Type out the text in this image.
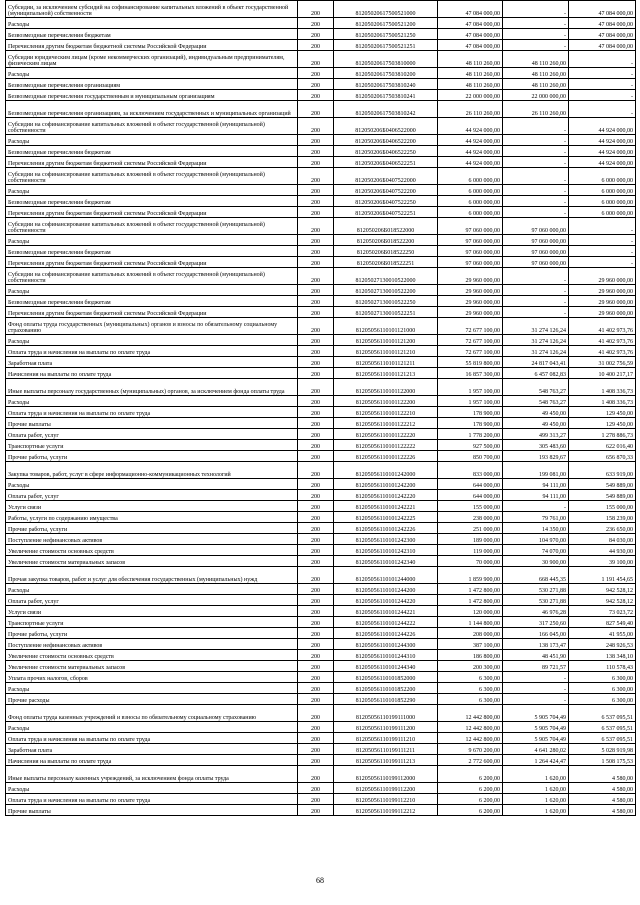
Субсидии, за исключением субсидий на софинансирование капитальных вложений в объект государственной (муниципальной) собственности	200	81205020617500521000	47 084 000,00	-	47 084 000,00
Расходы	200	81205020617500521200	47 084 000,00	-	47 084 000,00
Безвозмездные перечисления бюджетам	200	81205020617500521250	47 084 000,00	-	47 084 000,00
Перечисления другим бюджетам бюджетной системы Российской Федерации	200	81205020617500521251	47 084 000,00	-	47 084 000,00
Субсидии юридическим лицам (кроме некоммерческих организаций), индивидуальным предпринимателям, физическим лицам	200	81205020617503810000	48 110 260,00	48 110 260,00	-
Расходы	200	81205020617503810200	48 110 260,00	48 110 260,00	-
Безвозмездные перечисления организациям	200	81205020617503810240	48 110 260,00	48 110 260,00	-
Безвозмездные перечисления государственным и муниципальным организациям	200	81205020617503810241	22 000 000,00	22 000 000,00	-
Безвозмездные перечисления организациям, за исключением государственных и муниципальных организаций	200	81205020617503810242	26 110 260,00	26 110 260,00	-
Субсидии на софинансирование капитальных вложений в объект государственной (муниципальной) собственности	200	812050206Б0406522000	44 924 000,00	-	44 924 000,00
Расходы	200	812050206Б0406522200	44 924 000,00	-	44 924 000,00
Безвозмездные перечисления бюджетам	200	812050206Б0406522250	44 924 000,00	-	44 924 000,00
Перечисления другим бюджетам бюджетной системы Российской Федерации	200	812050206Б0406522251	44 924 000,00	-	44 924 000,00
Субсидии на софинансирование капитальных вложений в объект государственной (муниципальной) собственности	200	812050206Б0407522000	6 000 000,00	-	6 000 000,00
Расходы	200	812050206Б0407522200	6 000 000,00	-	6 000 000,00
Безвозмездные перечисления бюджетам	200	812050206Б0407522250	6 000 000,00	-	6 000 000,00
Перечисления другим бюджетам бюджетной системы Российской Федерации	200	812050206Б0407522251	6 000 000,00	-	6 000 000,00
Субсидии на софинансирование капитальных вложений в объект государственной (муниципальной) собственности	200	812050206Б018522000	97 060 000,00	97 060 000,00	-
Расходы	200	812050206Б018522200	97 060 000,00	97 060 000,00	-
Безвозмездные перечисления бюджетам	200	812050206Б018522250	97 060 000,00	97 060 000,00	-
Перечисления другим бюджетам бюджетной системы Российской Федерации	200	812050206Б018522251	97 060 000,00	97 060 000,00	-
Субсидии на софинансирование капитальных вложений в объект государственной (муниципальной) собственности	200	81205027130010522000	29 960 000,00	-	29 960 000,00
Расходы	200	81205027130010522200	29 960 000,00	-	29 960 000,00
Безвозмездные перечисления бюджетам	200	81205027130010522250	29 960 000,00	-	29 960 000,00
Перечисления другим бюджетам бюджетной системы Российской Федерации	200	81205027130010522251	29 960 000,00	-	29 960 000,00
Фонд оплаты труда государственных (муниципальных) органов и взносы по обязательному социальному страхованию	200	81205056110101121000	72 677 100,00	31 274 126,24	41 402 973,76
Расходы	200	81205056110101121200	72 677 100,00	31 274 126,24	41 402 973,76
Оплата труда и начисления на выплаты по оплате труда	200	81205056110101121210	72 677 100,00	31 274 126,24	41 402 973,76
Заработная плата	200	81205056110101121211	55 819 800,00	24 817 043,41	31 002 756,59
Начисления на выплаты по оплате труда	200	81205056110101121213	16 857 300,00	6 457 082,83	10 400 217,17
Иные выплаты персоналу государственных (муниципальных) органов, за исключением фонда оплаты труда	200	81205056110101122000	1 957 100,00	548 763,27	1 408 336,73
Расходы	200	81205056110101122200	1 957 100,00	548 763,27	1 408 336,73
Оплата труда и начисления на выплаты по оплате труда	200	81205056110101122210	178 900,00	49 450,00	129 450,00
Прочие выплаты	200	81205056110101122212	178 900,00	49 450,00	129 450,00
Оплата работ, услуг	200	81205056110101122220	1 778 200,00	499 313,27	1 278 886,73
Транспортные услуги	200	81205056110101122222	927 500,00	305 483,60	622 016,40
Прочие работы, услуги	200	81205056110101122226	850 700,00	193 829,67	656 870,33
Закупка товаров, работ, услуг в сфере информационно-коммуникационных технологий	200	81205056110101242000	833 000,00	199 081,00	633 919,00
Расходы	200	81205056110101242200	644 000,00	94 111,00	549 889,00
Оплата работ, услуг	200	81205056110101242220	644 000,00	94 111,00	549 889,00
Услуги связи	200	81205056110101242221	155 000,00	-	155 000,00
Работы, услуги по содержанию имущества	200	81205056110101242225	238 000,00	79 761,00	158 239,00
Прочие работы, услуги	200	81205056110101242226	251 000,00	14 350,00	236 650,00
Поступление нефинансовых активов	200	81205056110101242300	189 000,00	104 970,00	84 030,00
Увеличение стоимости основных средств	200	81205056110101242310	119 000,00	74 070,00	44 930,00
Увеличение стоимости материальных запасов	200	81205056110101242340	70 000,00	30 900,00	39 100,00
Прочая закупка товаров, работ и услуг для обеспечения государственных (муниципальных) нужд	200	81205056110101244000	1 859 900,00	668 445,35	1 191 454,65
Расходы	200	81205056110101244200	1 472 800,00	530 271,88	942 528,12
Оплата работ, услуг	200	81205056110101244220	1 472 800,00	530 271,88	942 528,12
Услуги связи	200	81205056110101244221	120 000,00	46 976,28	73 023,72
Транспортные услуги	200	81205056110101244222	1 144 800,00	317 250,60	827 549,40
Прочие работы, услуги	200	81205056110101244226	208 000,00	166 045,00	41 955,00
Поступление нефинансовых активов	200	81205056110101244300	387 100,00	138 173,47	248 926,53
Увеличение стоимости основных средств	200	81205056110101244310	186 800,00	48 451,90	138 348,10
Увеличение стоимости материальных запасов	200	81205056110101244340	200 300,00	89 721,57	110 578,43
Уплата прочих налогов, сборов	200	81205056110101852000	6 300,00	-	6 300,00
Расходы	200	81205056110101852200	6 300,00	-	6 300,00
Прочие расходы	200	81205056110101852290	6 300,00	-	6 300,00
Фонд оплаты труда казенных учреждений и взносы по обязательному социальному страхованию	200	81205056110199111000	12 442 800,00	5 905 704,49	6 537 095,51
Расходы	200	81205056110199111200	12 442 800,00	5 905 704,49	6 537 095,51
Оплата труда и начисления на выплаты по оплате труда	200	81205056110199111210	12 442 800,00	5 905 704,49	6 537 095,51
Заработная плата	200	81205056110199111211	9 670 200,00	4 641 280,02	5 028 919,98
Начисления на выплаты по оплате труда	200	81205056110199111213	2 772 600,00	1 264 424,47	1 508 175,53
Иные выплаты персоналу казенных учреждений, за исключением фонда оплаты труда	200	81205056110199112000	6 200,00	1 620,00	4 580,00
Расходы	200	81205056110199112200	6 200,00	1 620,00	4 580,00
Оплата труда и начисления на выплаты по оплате труда	200	81205056110199112210	6 200,00	1 620,00	4 580,00
Прочие выплаты	200	81205056110199112212	6 200,00	1 620,00	4 580,00
68
